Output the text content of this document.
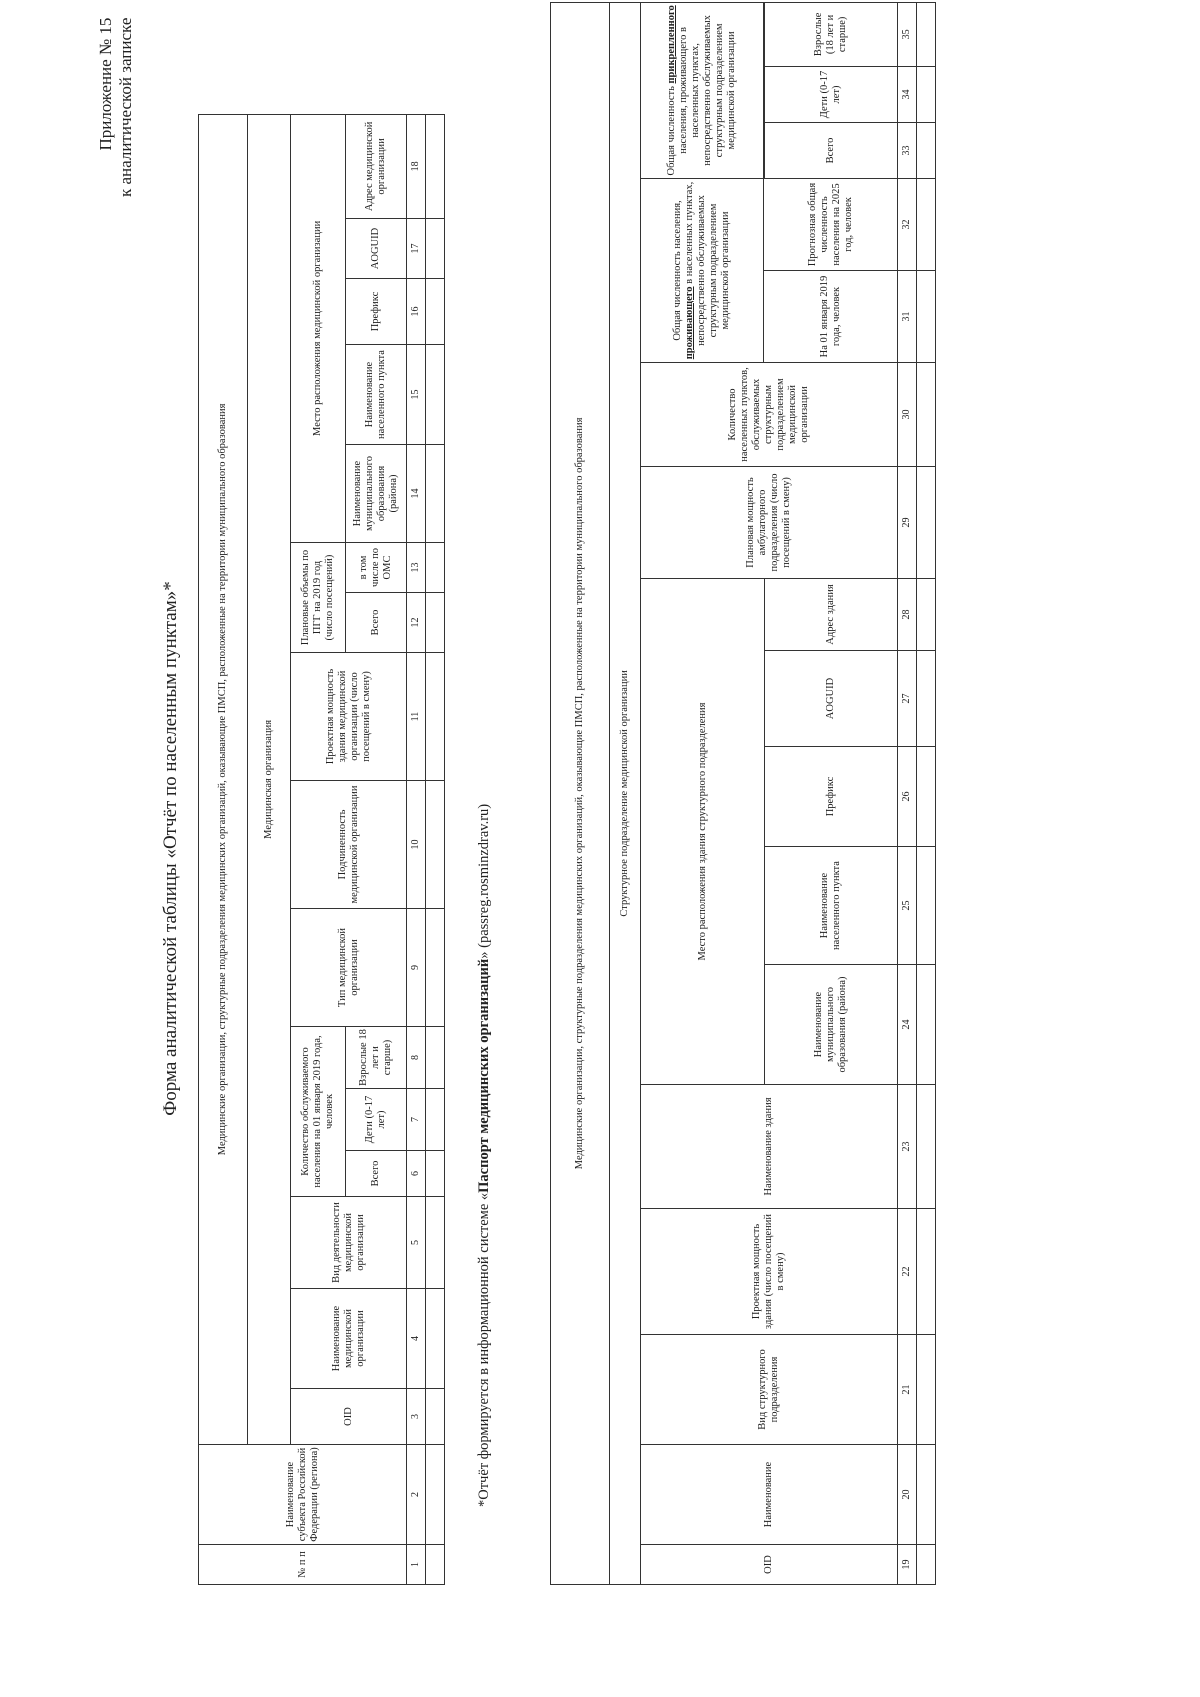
Приложение № 15 к аналитической записке
Форма аналитической таблицы «Отчёт по населенным пунктам»*
№ п п	Наименование субъекта Российской Федерации (региона)	Медицинские организации, структурные подразделения медицинских организаций, оказывающие ПМСП, расположенные на территории муниципального образования															
		Медицинская организация															
		OID	Наименование медицинской организации	Вид деятельности медицинской организации	Количество обслуживаемого населения на 01 января 2019 года, человек			Тип медицинской организации	Подчиненность медицинской организации	Проектная мощность здания медицинской организации (число посещений в смену)	Плановые объемы по ПГГ на 2019 год (число посещений)		Место расположения медицинской организации				
					Всего	Дети (0-17 лет)	Взрослые 18 лет и старше)				Всего	в том числе по ОМС	Наименование муниципального образования (района)	Наименование населенного пункта	Префикс	AOGUID	Адрес медицинской организации

1	2	3	4	5	6	7	8	9	10	11	12	13	14	15	16	17	18

*Отчёт формируется в информационной системе «Паспорт медицинских организаций» (passreg.rosminzdrav.ru)	Медицинские организации, структурные подразделения медицинских организаций, оказывающие ПМСП, расположенные на территории муниципального образования																
Структурное подразделение медицинской организации																
OID	Наименование	Вид структурного подразделения	Проектная мощность здания (число посещений в смену)	Наименование здания	Место расположения здания структурного подразделения					Плановая мощность амбулаторного подразделения (число посещений в смену)	Количество населенных пунктов, обслуживаемых структурным подразделением медицинской организации	Общая численность населения, проживающего в населенных пунктах, непосредственно обслуживаемых структурным подразделением медицинской организации		Общая численность прикрепленного населения, проживающего в населенных пунктах, непосредственно обслуживаемых структурным подразделением медицинской организации		
												На 01 января 2019 года, человек	Прогнозная общая численность населения на 2025 год, человек			
					Наименование муниципального образования (района)	Наименование населенного пункта	Префикс	AOGUID	Адрес здания					Всего	Дети (0-17 лет)	Взрослые (18 лет и старше)
19	20	21	22	23	24	25	26	27	28	29	30	31	32	33	34	35
